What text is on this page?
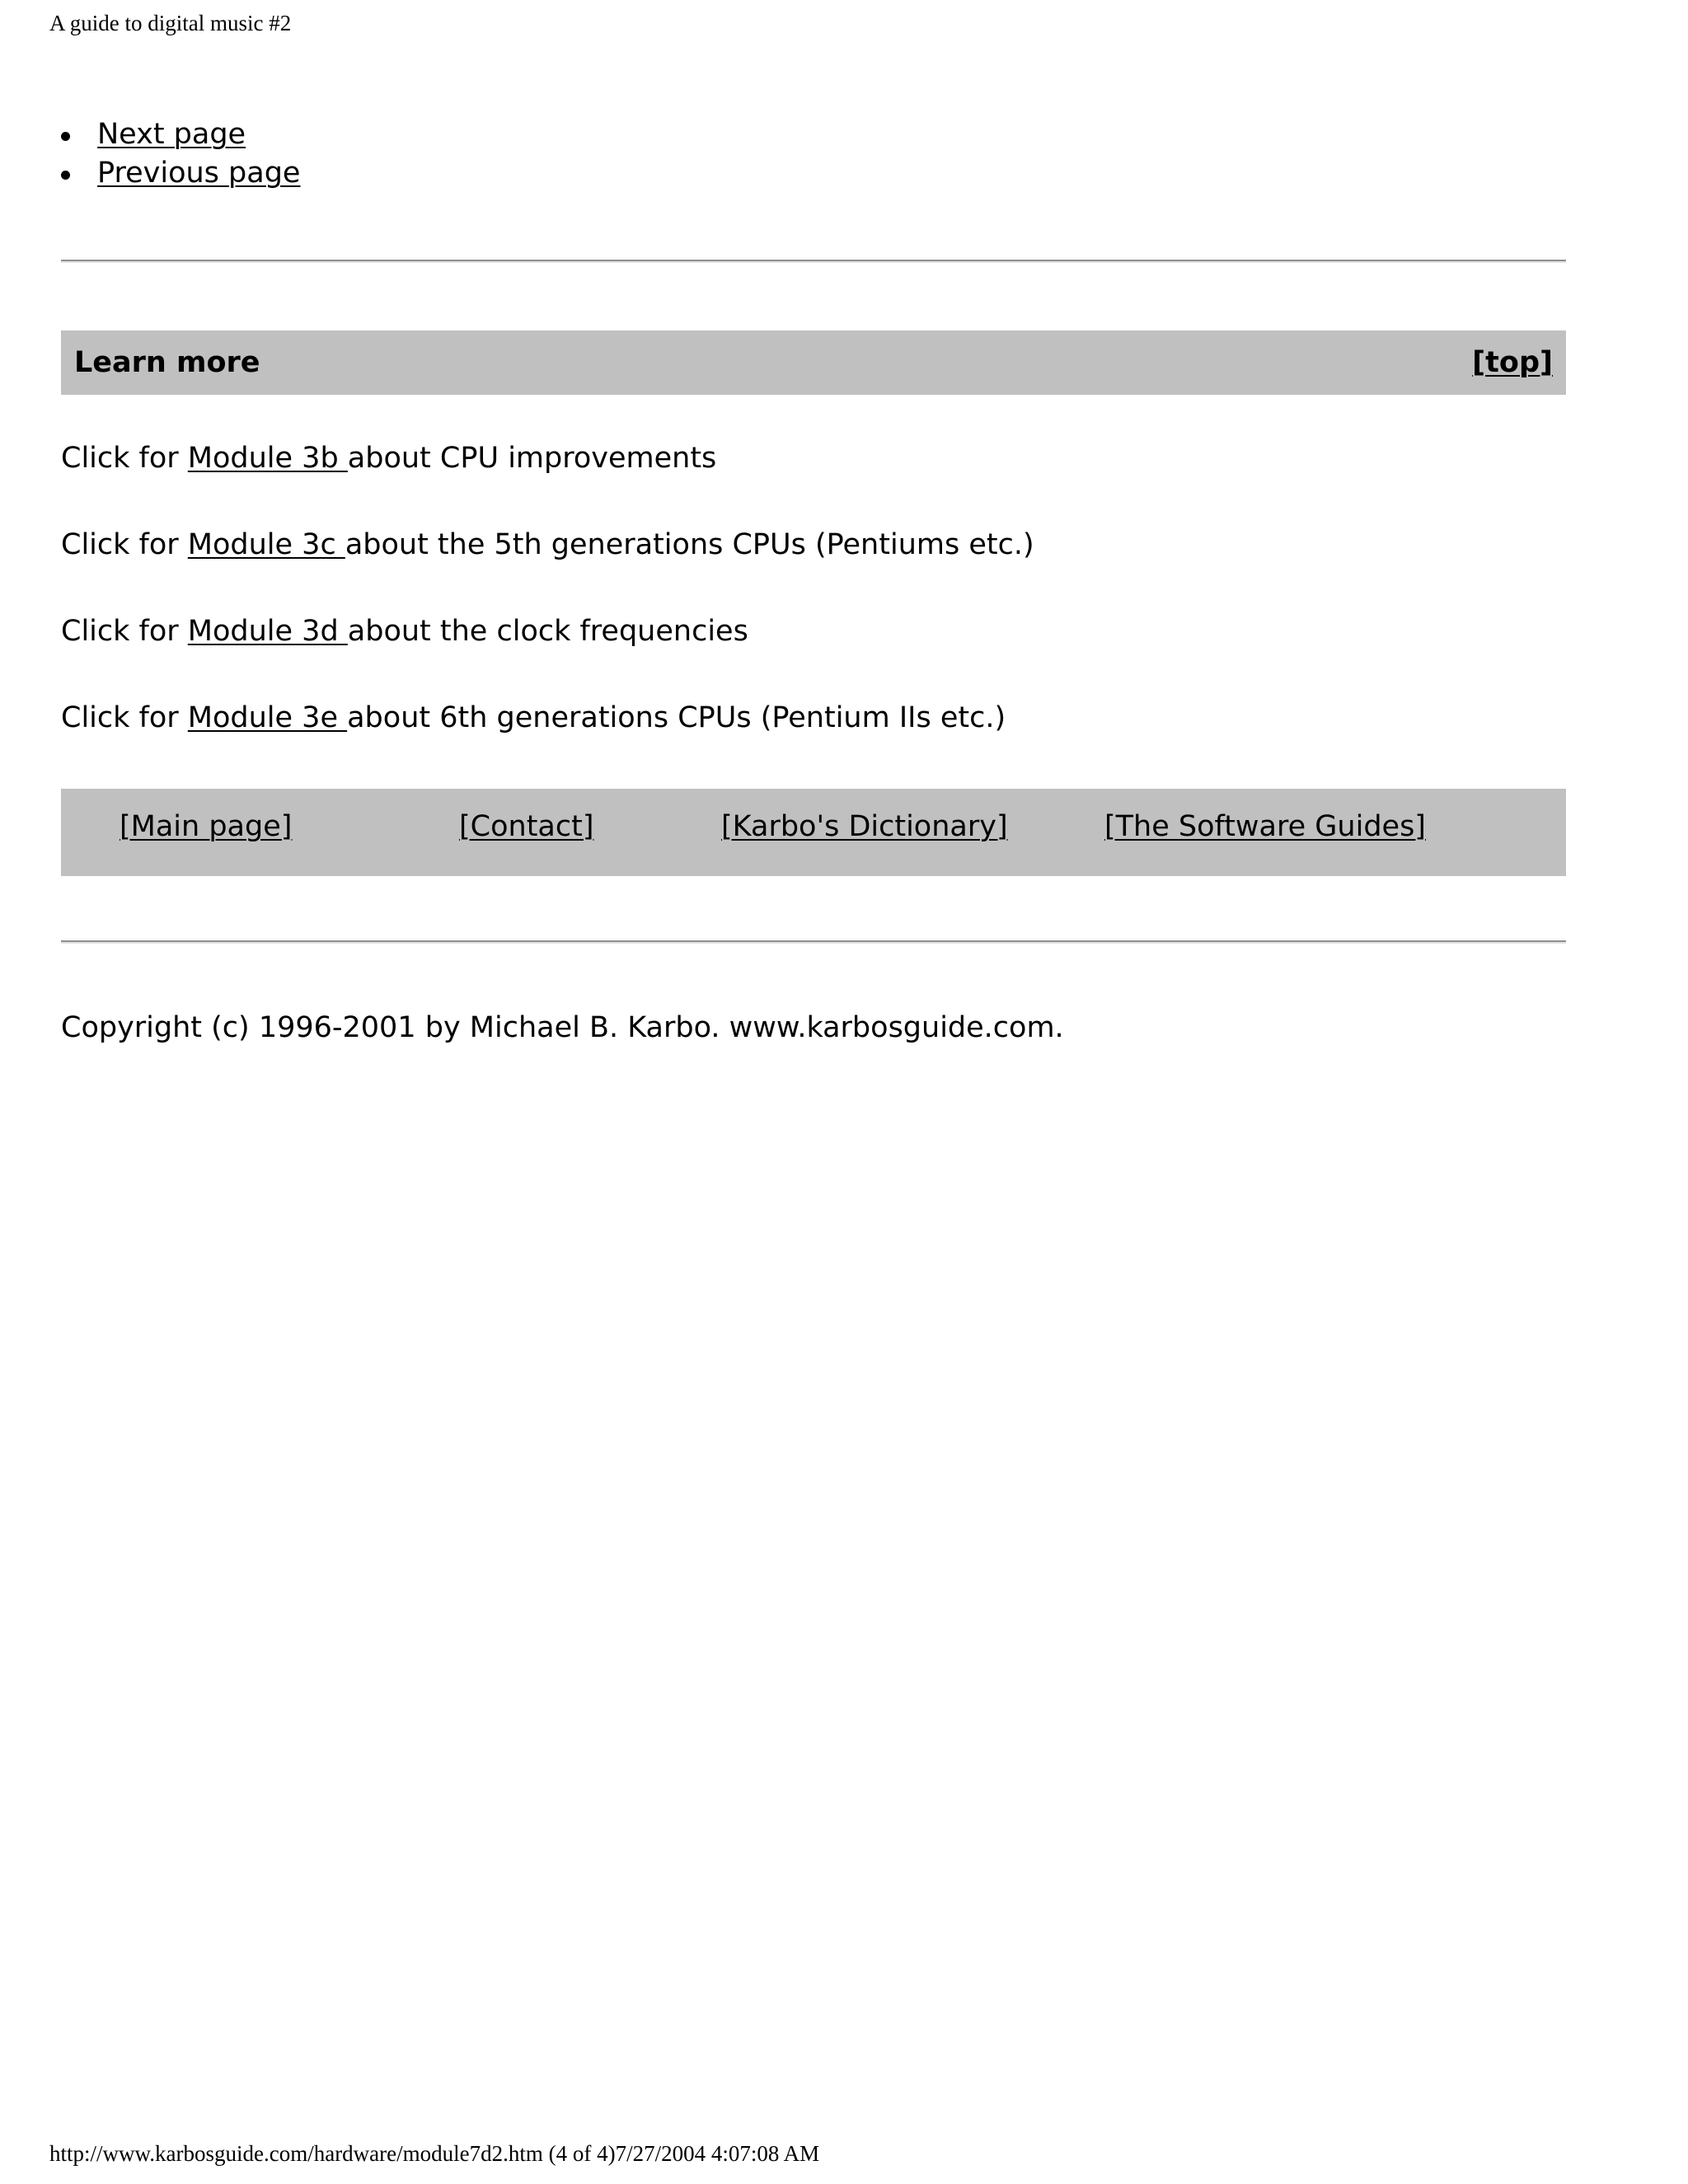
A guide to digital music #2
Next page
Previous page
Learn more	[top]
Click for Module 3b about CPU improvements
Click for Module 3c about the 5th generations CPUs (Pentiums etc.)
Click for Module 3d about the clock frequencies
Click for Module 3e about 6th generations CPUs (Pentium IIs etc.)
[Main page]	[Contact]	[Karbo's Dictionary]	[The Software Guides]
Copyright (c) 1996-2001 by Michael B. Karbo. www.karbosguide.com.
http://www.karbosguide.com/hardware/module7d2.htm (4 of 4)7/27/2004 4:07:08 AM
